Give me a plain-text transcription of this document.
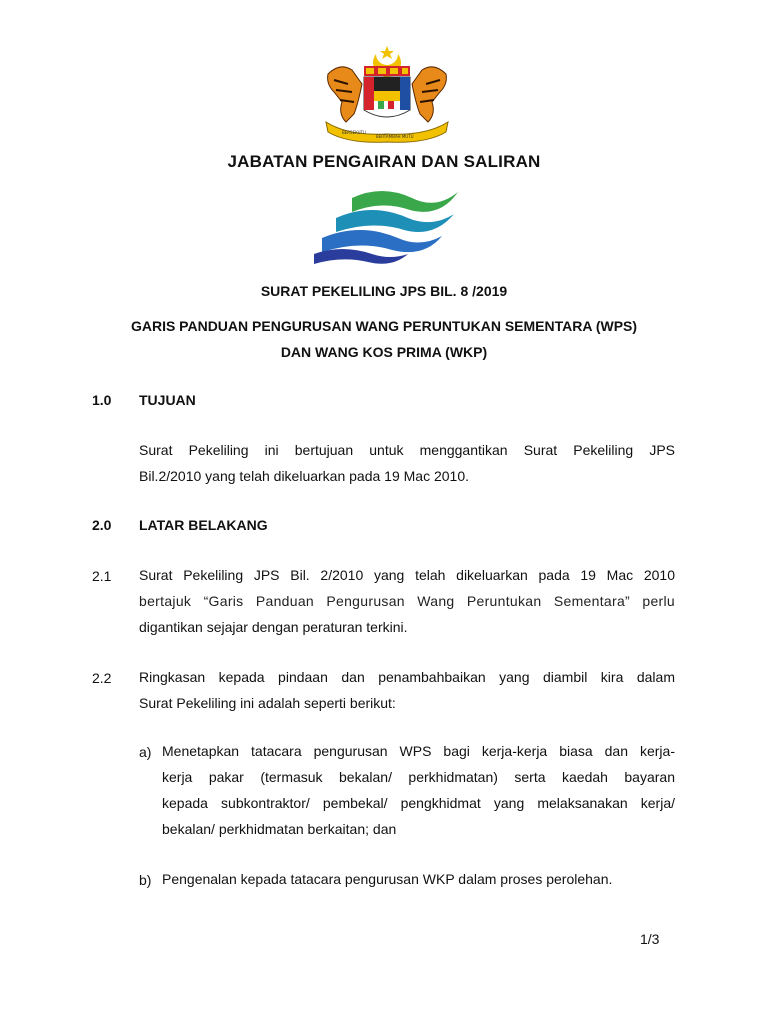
BERSEKUTU
BERTAMBAH MUTU
JABATAN PENGAIRAN DAN SALIRAN
SURAT PEKELILING JPS BIL. 8 /2019
GARIS PANDUAN PENGURUSAN WANG PERUNTUKAN SEMENTARA (WPS)
DAN WANG KOS PRIMA (WKP)
1.0 TUJUAN
Surat Pekeliling ini bertujuan untuk menggantikan Surat Pekeliling JPS
Bil.2/2010 yang telah dikeluarkan pada 19 Mac 2010.
2.0 LATAR BELAKANG
2.1 Surat Pekeliling JPS Bil. 2/2010 yang telah dikeluarkan pada 19 Mac 2010
bertajuk “Garis Panduan Pengurusan Wang Peruntukan Sementara” perlu
digantikan sejajar dengan peraturan terkini.
2.2 Ringkasan kepada pindaan dan penambahbaikan yang diambil kira dalam
Surat Pekeliling ini adalah seperti berikut:
a) Menetapkan tatacara pengurusan WPS bagi kerja-kerja biasa dan kerja-
kerja pakar (termasuk bekalan/ perkhidmatan) serta kaedah bayaran
kepada subkontraktor/ pembekal/ pengkhidmat yang melaksanakan kerja/
bekalan/ perkhidmatan berkaitan; dan
b) Pengenalan kepada tatacara pengurusan WKP dalam proses perolehan.
1/3
